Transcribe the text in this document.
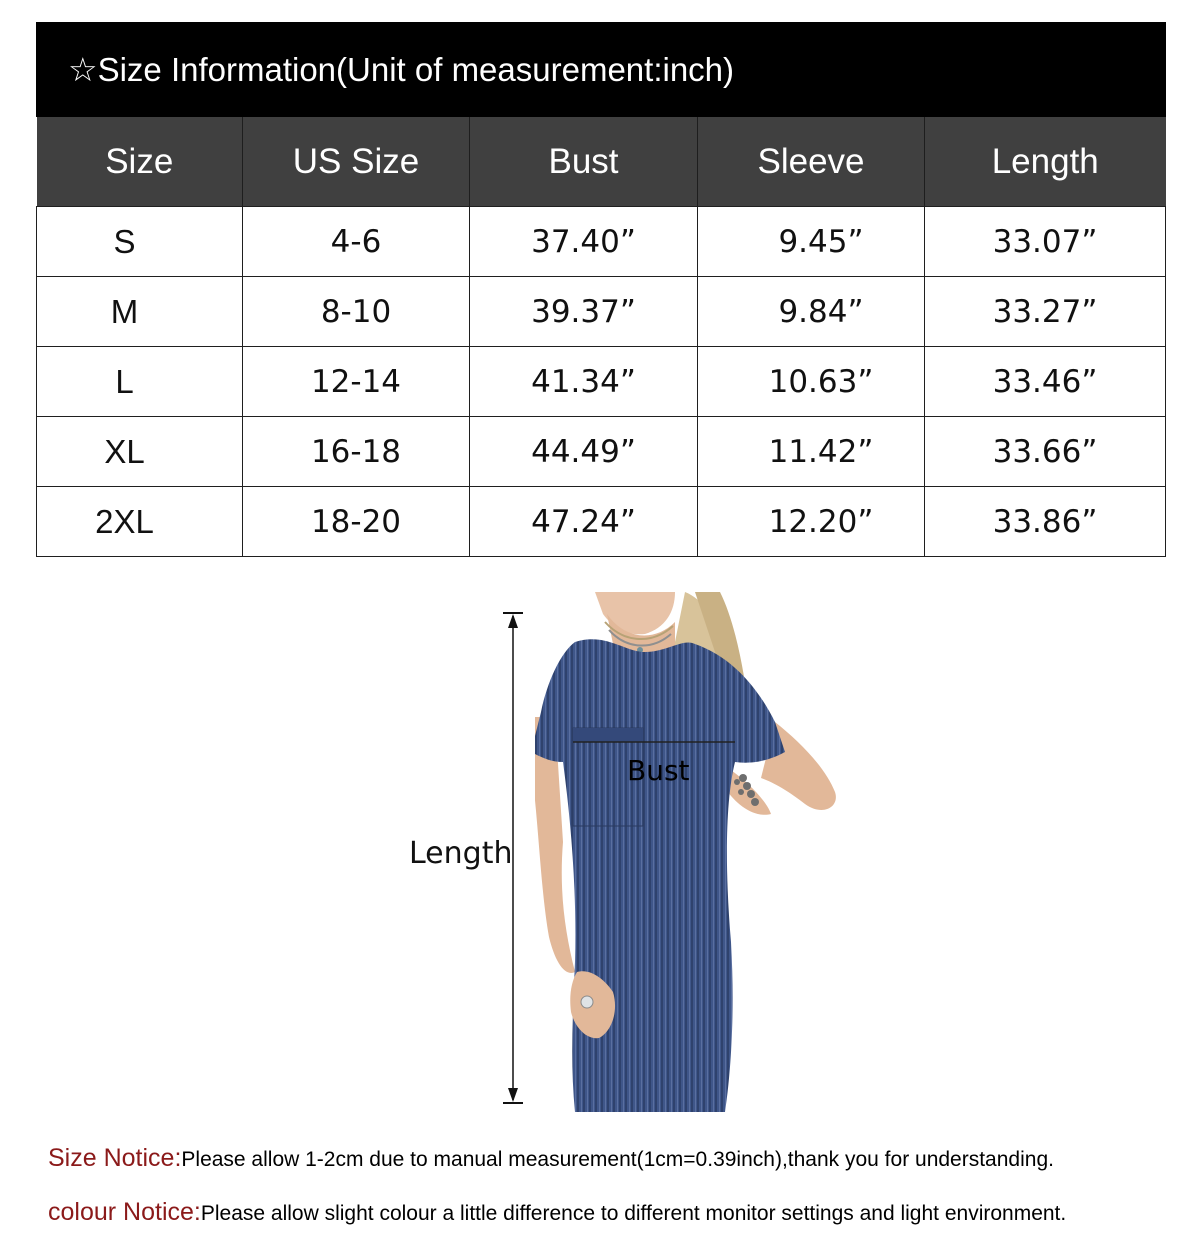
☆Size Information(Unit of measurement:inch)
Size	US Size	Bust	Sleeve	Length
S	4-6	37.40”	9.45”	33.07”
M	8-10	39.37”	9.84”	33.27”
L	12-14	41.34”	10.63”	33.46”
XL	16-18	44.49”	11.42”	33.66”
2XL	18-20	47.24”	12.20”	33.86”
Length
Bust
Size Notice:Please allow 1-2cm due to manual measurement(1cm=0.39inch),thank you for understanding.
colour Notice:Please allow slight colour a little difference to different monitor settings and light environment.
